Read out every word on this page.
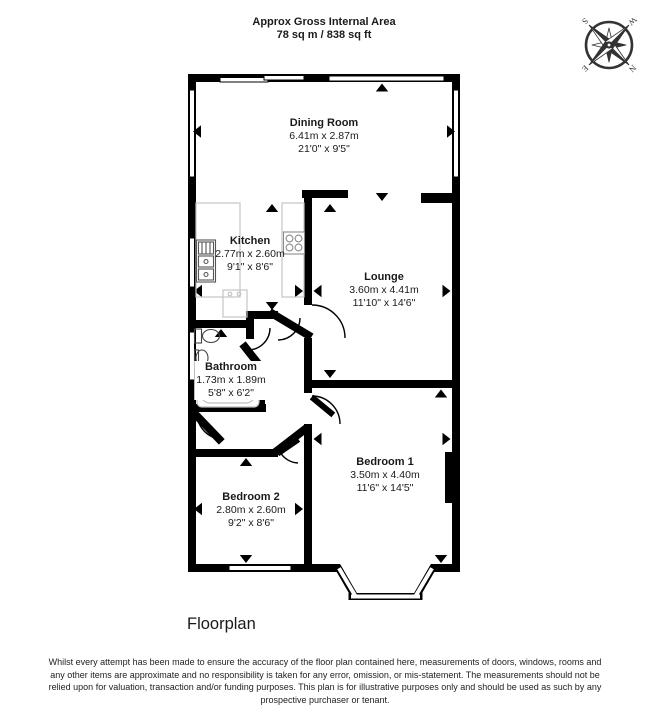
N
E
S	W
Approx Gross Internal Area
78 sq m / 838 sq ft
Dining Room
6.41m x 2.87m
21'0" x 9'5"
Kitchen
2.77m x 2.60m
9'1" x 8'6"
Lounge
3.60m x 4.41m
11'10" x 14'6"
Bathroom
1.73m x 1.89m
5'8" x 6'2"
Bedroom 1
3.50m x 4.40m
11'6" x 14'5"
Bedroom 2
2.80m x 2.60m
9'2" x 8'6"
Floorplan
Whilst every attempt has been made to ensure the accuracy of the floor plan contained here, measurements of doors, windows, rooms and any other items are approximate and no responsibility is taken for any error, omission, or mis-statement. The measurements should not be relied upon for valuation, transaction and/or funding purposes. This plan is for illustrative purposes only and should be used as such by any prospective purchaser or tenant.
